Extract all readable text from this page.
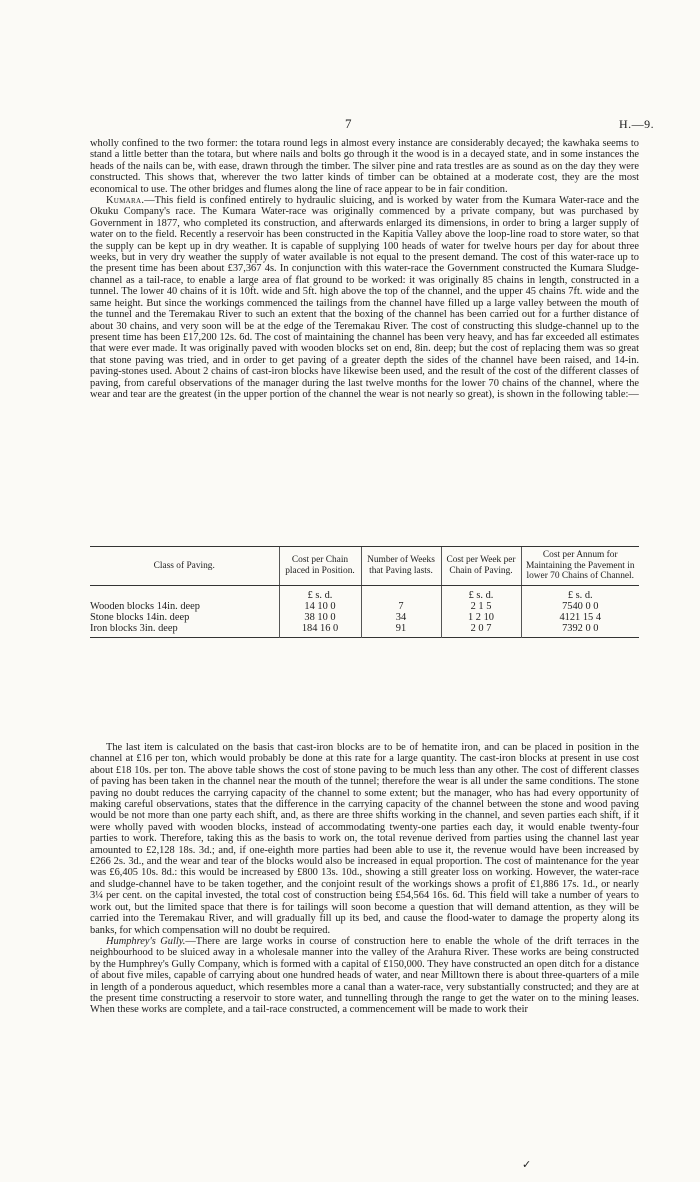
7	H.—9.

wholly confined to the two former: the totara round legs in almost every instance are considerably decayed; the kawhaka seems to stand a little better than the totara, but where nails and bolts go through it the wood is in a decayed state, and in some instances the heads of the nails can be, with ease, drawn through the timber. The silver pine and rata trestles are as sound as on the day they were constructed. This shows that, wherever the two latter kinds of timber can be obtained at a moderate cost, they are the most economical to use. The other bridges and flumes along the line of race appear to be in fair condition.

Kumara.—This field is confined entirely to hydraulic sluicing, and is worked by water from the Kumara Water-race and the Okuku Company's race. The Kumara Water-race was originally commenced by a private company, but was purchased by Government in 1877, who completed its construction, and afterwards enlarged its dimensions, in order to bring a larger supply of water on to the field. Recently a reservoir has been constructed in the Kapitia Valley above the loop-line road to store water, so that the supply can be kept up in dry weather. It is capable of supplying 100 heads of water for twelve hours per day for about three weeks, but in very dry weather the supply of water available is not equal to the present demand. The cost of this water-race up to the present time has been about £37,367 4s. In conjunction with this water-race the Government constructed the Kumara Sludge-channel as a tail-race, to enable a large area of flat ground to be worked: it was originally 85 chains in length, constructed in a tunnel. The lower 40 chains of it is 10ft. wide and 5ft. high above the top of the channel, and the upper 45 chains 7ft. wide and the same height. But since the workings commenced the tailings from the channel have filled up a large valley between the mouth of the tunnel and the Teremakau River to such an extent that the boxing of the channel has been carried out for a further distance of about 30 chains, and very soon will be at the edge of the Teremakau River. The cost of constructing this sludge-channel up to the present time has been £17,200 12s. 6d. The cost of maintaining the channel has been very heavy, and has far exceeded all estimates that were ever made. It was originally paved with wooden blocks set on end, 8in. deep; but the cost of replacing them was so great that stone paving was tried, and in order to get paving of a greater depth the sides of the channel have been raised, and 14-in. paving-stones used. About 2 chains of cast-iron blocks have likewise been used, and the result of the cost of the different classes of paving, from careful observations of the manager during the last twelve months for the lower 70 chains of the channel, where the wear and tear are the greatest (in the upper portion of the channel the wear is not nearly so great), is shown in the following table:—

Class of Paving.	Cost per Chain placed in Position.	Number of Weeks that Paving lasts.	Cost per Week per Chain of Paving.	Cost per Annum for Maintaining the Pavement in lower 70 Chains of Channel.
	£ s. d.		£ s. d.	£ s. d.
Wooden blocks 14in. deep	14 10 0	7	2 1 5	7540 0 0
Stone blocks 14in. deep	38 10 0	34	1 2 10	4121 15 4
Iron blocks 3in. deep	184 16 0	91	2 0 7	7392 0 0

The last item is calculated on the basis that cast-iron blocks are to be of hematite iron, and can be placed in position in the channel at £16 per ton, which would probably be done at this rate for a large quantity. The cast-iron blocks at present in use cost about £18 10s. per ton. The above table shows the cost of stone paving to be much less than any other. The cost of different classes of paving has been taken in the channel near the mouth of the tunnel; therefore the wear is all under the same conditions. The stone paving no doubt reduces the carrying capacity of the channel to some extent; but the manager, who has had every opportunity of making careful observations, states that the difference in the carrying capacity of the channel between the stone and wood paving would be not more than one party each shift, and, as there are three shifts working in the channel, and seven parties each shift, if it were wholly paved with wooden blocks, instead of accommodating twenty-one parties each day, it would enable twenty-four parties to work. Therefore, taking this as the basis to work on, the total revenue derived from parties using the channel last year amounted to £2,128 18s. 3d.; and, if one-eighth more parties had been able to use it, the revenue would have been increased by £266 2s. 3d., and the wear and tear of the blocks would also be increased in equal proportion. The cost of maintenance for the year was £6,405 10s. 8d.: this would be increased by £800 13s. 10d., showing a still greater loss on working. However, the water-race and sludge-channel have to be taken together, and the conjoint result of the workings shows a profit of £1,886 17s. 1d., or nearly 3¼ per cent. on the capital invested, the total cost of construction being £54,564 16s. 6d. This field will take a number of years to work out, but the limited space that there is for tailings will soon become a question that will demand attention, as they will be carried into the Teremakau River, and will gradually fill up its bed, and cause the flood-water to damage the property along its banks, for which compensation will no doubt be required.

Humphrey's Gully.—There are large works in course of construction here to enable the whole of the drift terraces in the neighbourhood to be sluiced away in a wholesale manner into the valley of the Arahura River. These works are being constructed by the Humphrey's Gully Company, which is formed with a capital of £150,000. They have constructed an open ditch for a distance of about five miles, capable of carrying about one hundred heads of water, and near Milltown there is about three-quarters of a mile in length of a ponderous aqueduct, which resembles more a canal than a water-race, very substantially constructed; and they are at the present time constructing a reservoir to store water, and tunnelling through the range to get the water on to the mining leases. When these works are complete, and a tail-race constructed, a commencement will be made to work their

✓
